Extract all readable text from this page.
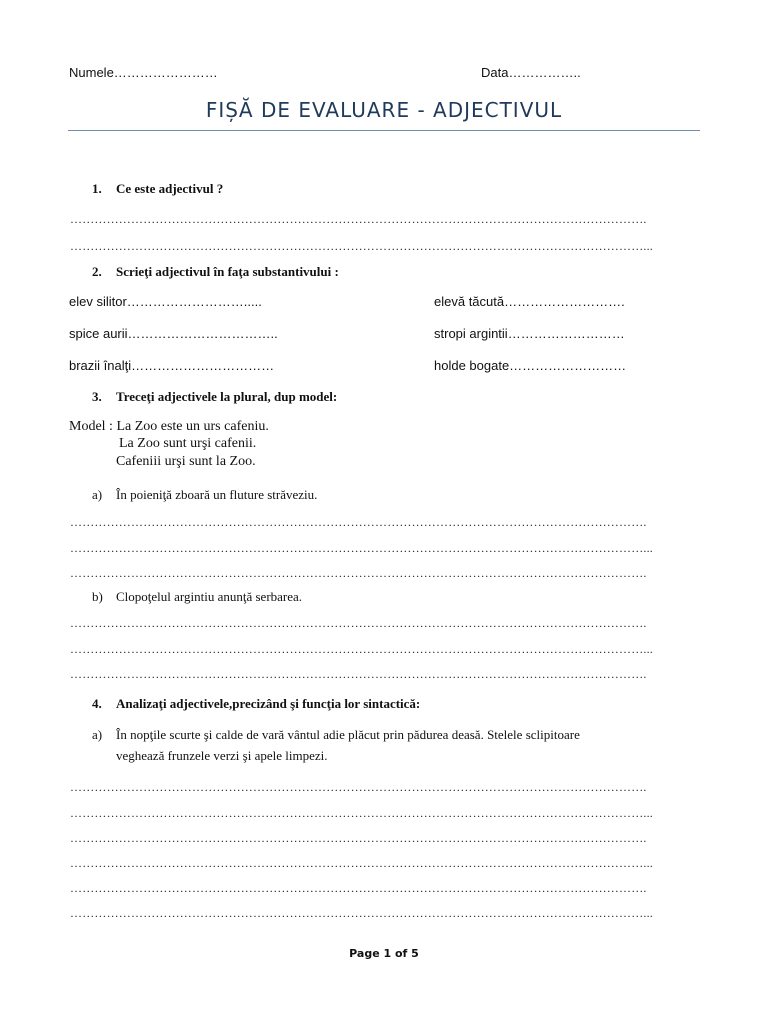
Numele……………………	Data……………..
FIȘĂ DE EVALUARE - ADJECTIVUL
1. Ce este adjectivul ?
…………………………………………………………………………………………………………………………….
……………………………………………………………………………………………………………………………...
2. Scrieţi adjectivul în faţa substantivului :
elev silitor……………………….....
spice aurii……………………………..
brazii înalţi……………………………
elevă tăcută……………………….
stropi argintii………………………
holde bogate………………………
3. Treceţi adjectivele la plural, dup model:
Model : La Zoo este un urs cafeniu.
La Zoo sunt urşi cafenii.
Cafeniii urşi sunt la Zoo.
a) În poieniţă zboară un fluture străveziu.
…………………………………………………………………………………………………………………………….
……………………………………………………………………………………………………………………………...
…………………………………………………………………………………………………………………………….
b) Clopoţelul argintiu anunţă serbarea.
…………………………………………………………………………………………………………………………….
……………………………………………………………………………………………………………………………...
…………………………………………………………………………………………………………………………….
4. Analizaţi adjectivele,precizând şi funcţia lor sintactică:
a) În nopţile scurte şi calde de vară vântul adie plăcut prin pădurea deasă. Stelele sclipitoare
veghează frunzele verzi şi apele limpezi.
…………………………………………………………………………………………………………………………….
……………………………………………………………………………………………………………………………...
…………………………………………………………………………………………………………………………….
……………………………………………………………………………………………………………………………...
…………………………………………………………………………………………………………………………….
……………………………………………………………………………………………………………………………...
Page 1 of 5
